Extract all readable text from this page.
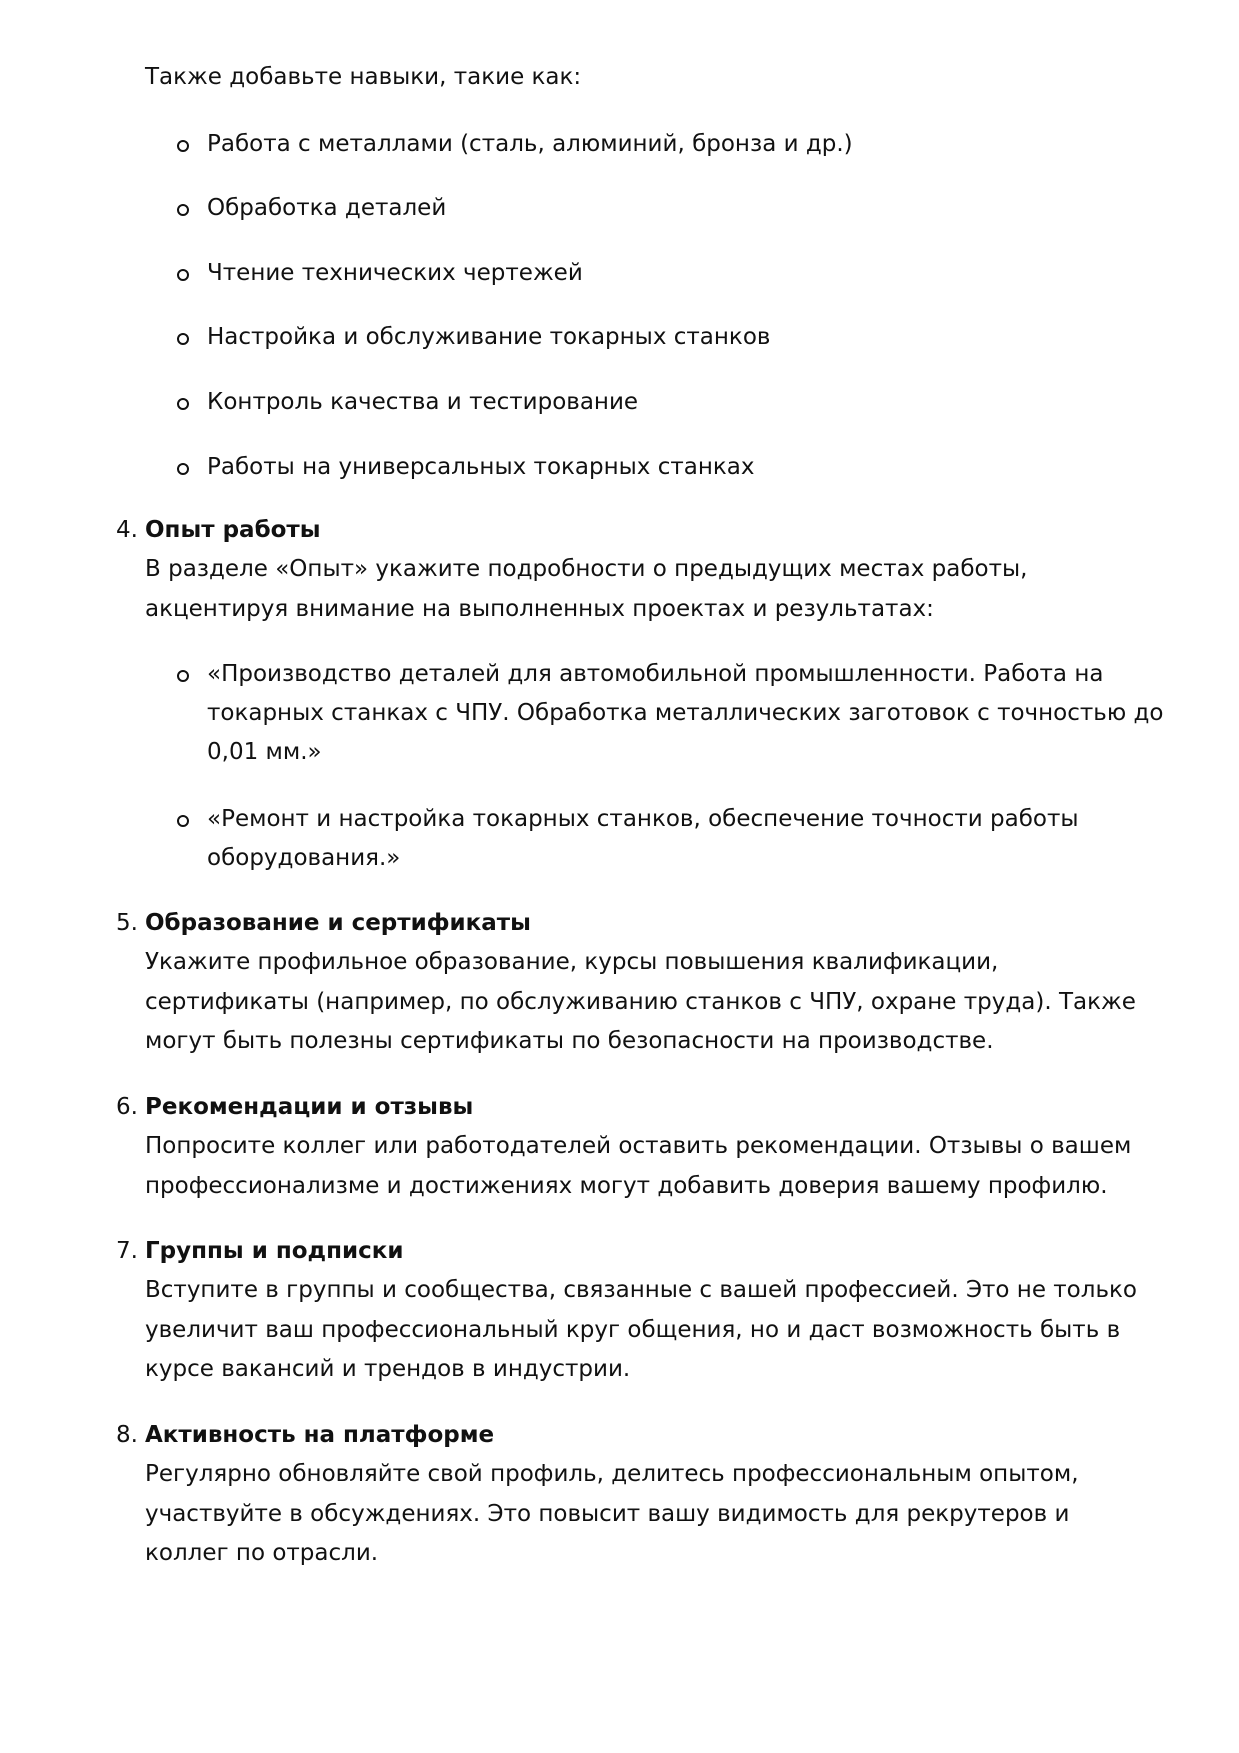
Также добавьте навыки, такие как:

Работа с металлами (сталь, алюминий, бронза и др.)
Обработка деталей
Чтение технических чертежей
Настройка и обслуживание токарных станков
Контроль качества и тестирование
Работы на универсальных токарных станках
4. Опыт работы
В разделе «Опыт» укажите подробности о предыдущих местах работы, акцентируя внимание на выполненных проектах и результатах:
«Производство деталей для автомобильной промышленности. Работа на токарных станках с ЧПУ. Обработка металлических заготовок с точностью до 0,01 мм.»
«Ремонт и настройка токарных станков, обеспечение точности работы оборудования.»
5. Образование и сертификаты
Укажите профильное образование, курсы повышения квалификации, сертификаты (например, по обслуживанию станков с ЧПУ, охране труда). Также могут быть полезны сертификаты по безопасности на производстве.
6. Рекомендации и отзывы
Попросите коллег или работодателей оставить рекомендации. Отзывы о вашем профессионализме и достижениях могут добавить доверия вашему профилю.
7. Группы и подписки
Вступите в группы и сообщества, связанные с вашей профессией. Это не только увеличит ваш профессиональный круг общения, но и даст возможность быть в курсе вакансий и трендов в индустрии.
8. Активность на платформе
Регулярно обновляйте свой профиль, делитесь профессиональным опытом, участвуйте в обсуждениях. Это повысит вашу видимость для рекрутеров и коллег по отрасли.
